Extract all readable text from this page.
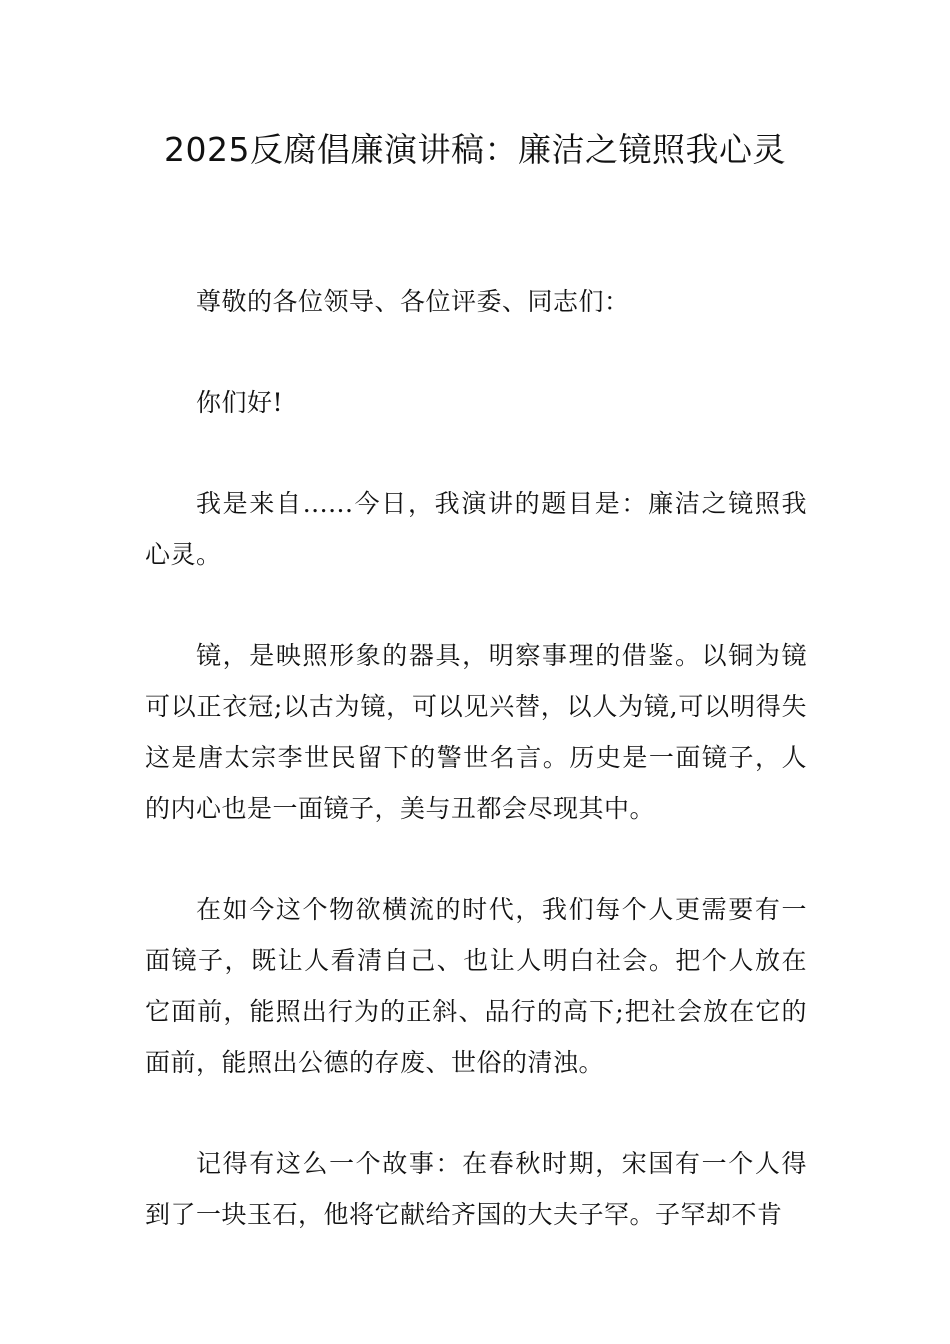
2025反腐倡廉演讲稿：廉洁之镜照我心灵

尊敬的各位领导、各位评委、同志们：

你们好!

我是来自......今日，我演讲的题目是：廉洁之镜照我心灵。

镜，是映照形象的器具，明察事理的借鉴。以铜为镜可以正衣冠;以古为镜，可以见兴替，以人为镜,可以明得失这是唐太宗李世民留下的警世名言。历史是一面镜子，人的内心也是一面镜子，美与丑都会尽现其中。

在如今这个物欲横流的时代，我们每个人更需要有一面镜子，既让人看清自己、也让人明白社会。把个人放在它面前，能照出行为的正斜、品行的高下;把社会放在它的面前，能照出公德的存废、世俗的清浊。

记得有这么一个故事：在春秋时期，宋国有一个人得到了一块玉石，他将它献给齐国的大夫子罕。子罕却不肯
